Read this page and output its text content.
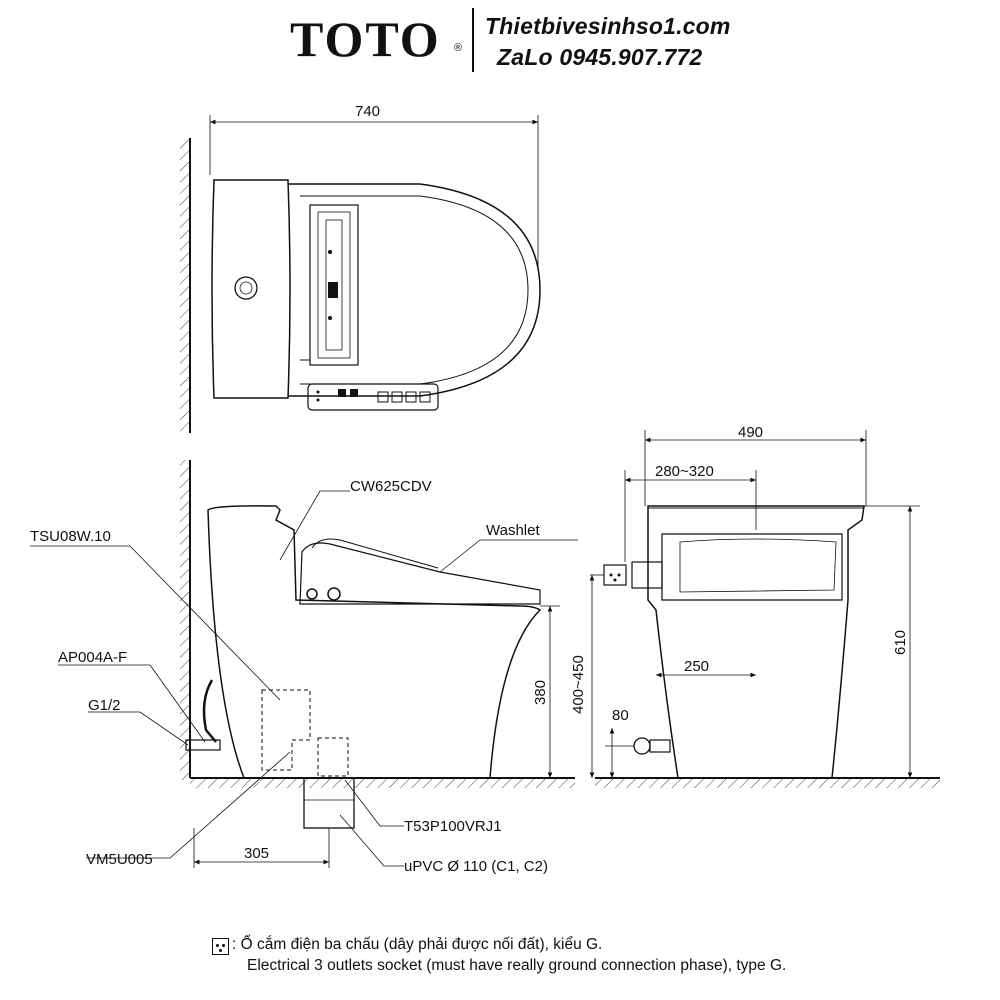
TOTO ®
Thietbivesinhso1.com
ZaLo 0945.907.772
740
490
280~320
250
80
305
610
380 400~450
CW625CDV
Washlet
TSU08W.10
AP004A-F
G1/2
VM5U005
T53P100VRJ1
uPVC Ø 110 (C1, C2)
: Ổ cắm điện ba chấu (dây phải được nối đất), kiểu G.
Electrical 3 outlets socket (must have really ground connection phase), type G.
